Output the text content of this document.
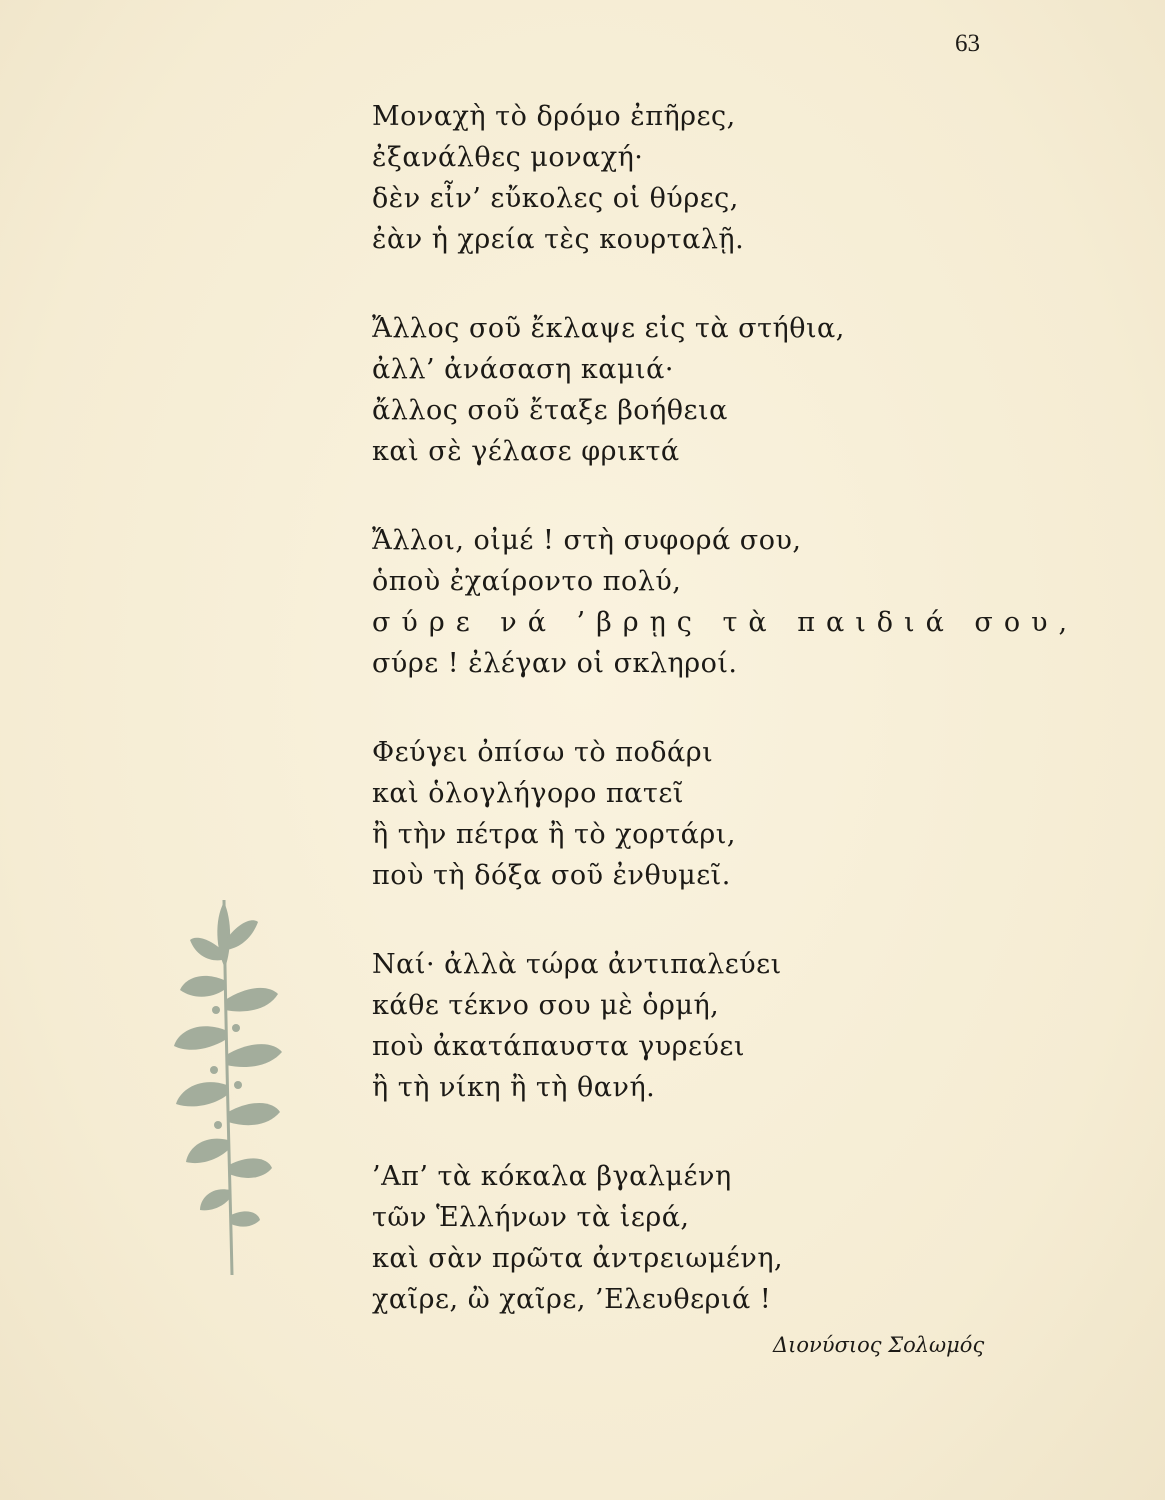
63
Μοναχὴ τὸ δρόμο ἐπῆρες,
ἐξανάλθες μοναχή·
δὲν εἶν’ εὔκολες οἱ θύρες,
ἐὰν ἡ χρεία τὲς κουρταλῇ.
Ἄλλος σοῦ ἔκλαψε εἰς τὰ στήθια,
ἀλλ’ ἀνάσαση καμιά·
ἄλλος σοῦ ἔταξε βοήθεια
καὶ σὲ γέλασε φρικτά
Ἄλλοι, οἰμέ ! στὴ συφορά σου,
ὁποὺ ἐχαίροντο πολύ,
σύρε νά ’βρῃς τὰ παιδιά σου,
σύρε ! ἐλέγαν οἱ σκληροί.
Φεύγει ὀπίσω τὸ ποδάρι
καὶ ὁλογλήγορο πατεῖ
ἢ τὴν πέτρα ἢ τὸ χορτάρι,
ποὺ τὴ δόξα σοῦ ἐνθυμεῖ.
Ναί· ἀλλὰ τώρα ἀντιπαλεύει
κάθε τέκνο σου μὲ ὁρμή,
ποὺ ἀκατάπαυστα γυρεύει
ἢ τὴ νίκη ἢ τὴ θανή.
’Απ’ τὰ κόκαλα βγαλμένη
τῶν Ἑλλήνων τὰ ἱερά,
καὶ σὰν πρῶτα ἀντρειωμένη,
χαῖρε, ὢ χαῖρε, ’Ελευθεριά !
Διονύσιος Σολωμός
